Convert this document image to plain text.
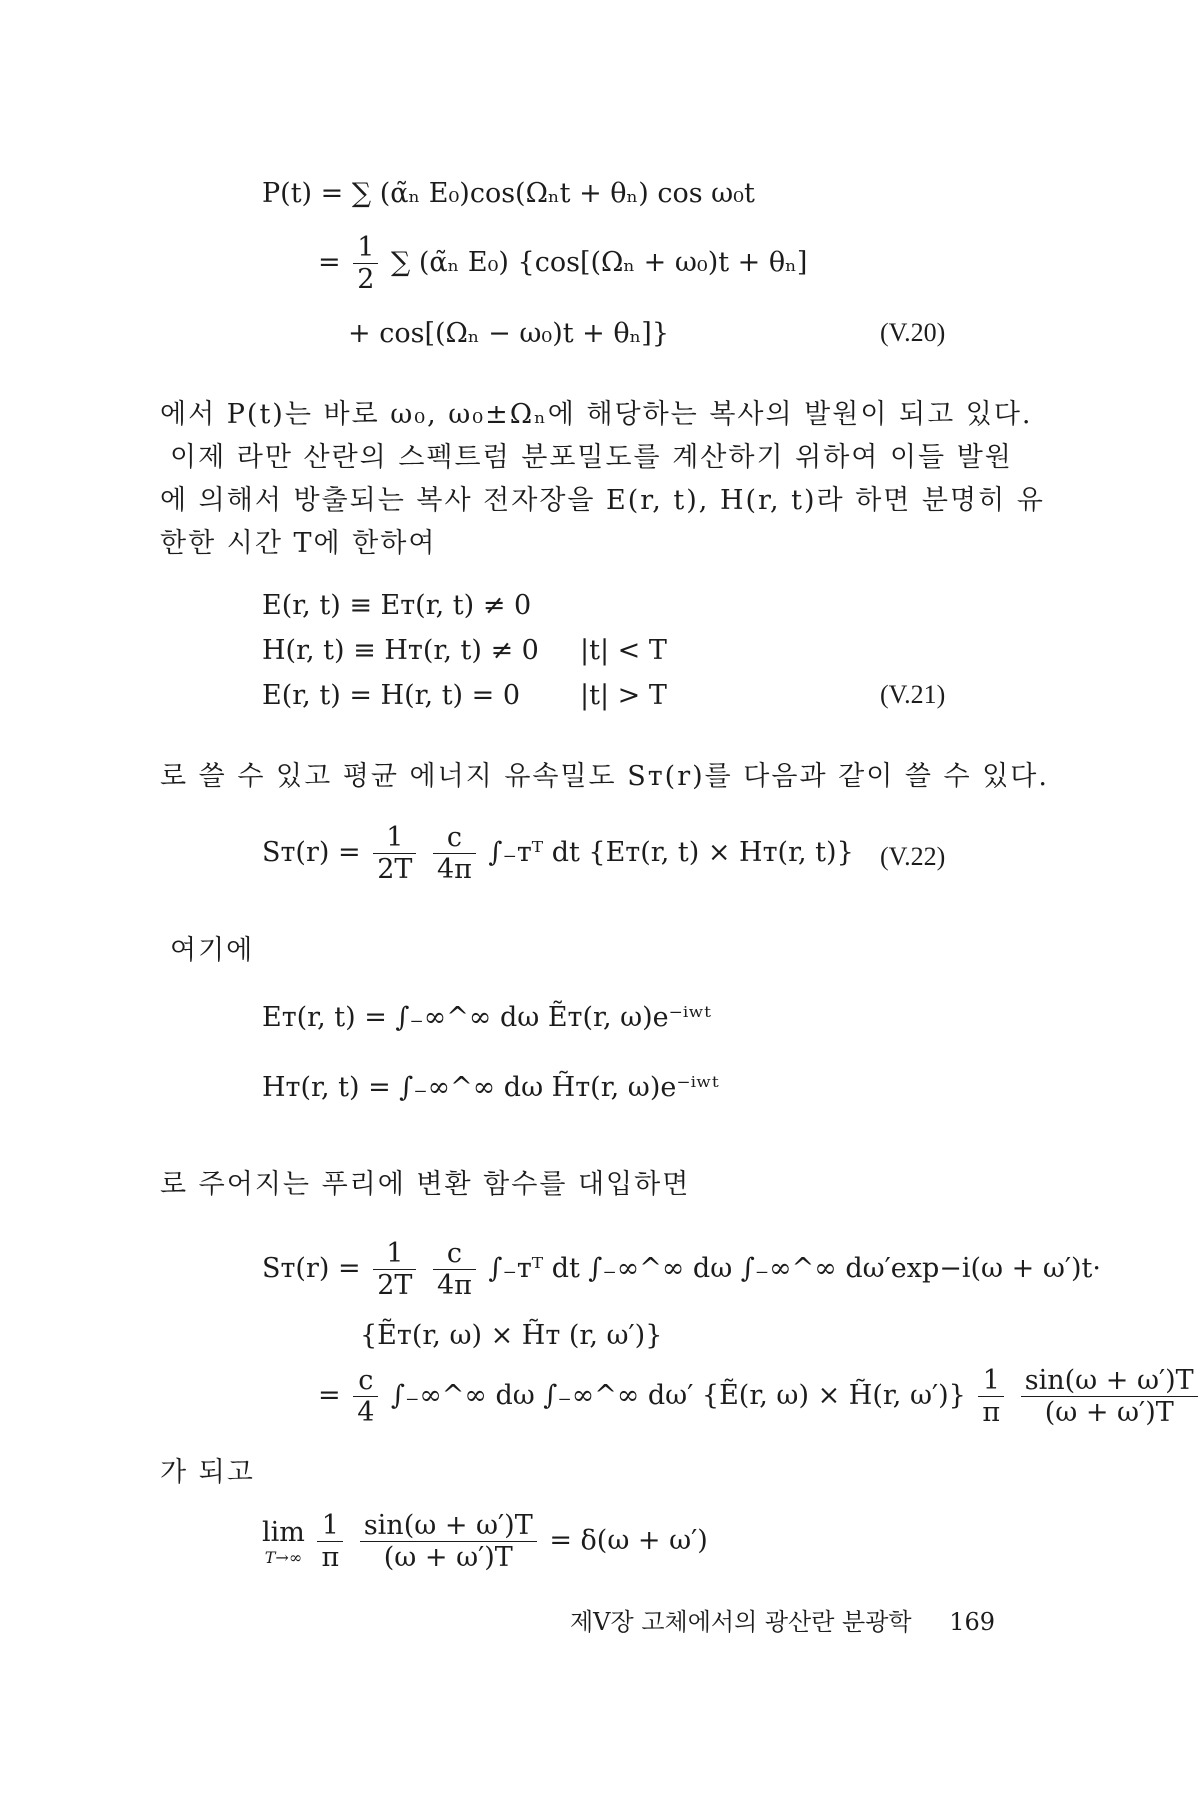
P(t) = ∑ (α̃ₙ E₀)cos(Ωₙt + θₙ) cos ω₀t
= $\frac{1}{2}$ ∑ (α̃ₙ E₀) {cos[(Ωₙ + ω₀)t + θₙ]
+ cos[(Ωₙ − ω₀)t + θₙ]}	(V.20)
에서 P(t)는 바로 ω₀, ω₀±Ωₙ에 해당하는 복사의 발원이 되고 있다.
이제 라만 산란의 스펙트럼 분포밀도를 계산하기 위하여 이들 발원
에 의해서 방출되는 복사 전자장을 E(r, t), H(r, t)라 하면 분명히 유
한한 시간 T에 한하여
E(r, t) ≡ Eᴛ(r, t) ≠ 0
H(r, t) ≡ Hᴛ(r, t) ≠ 0 |t| < T
E(r, t) = H(r, t) = 0 |t| > T	(V.21)
로 쓸 수 있고 평균 에너지 유속밀도 Sᴛ(r)를 다음과 같이 쓸 수 있다.
Sᴛ(r) = $\frac{1}{2T}$
$\frac{c}{4\pi}$ ∫₋ᴛᵀ dt {Eᴛ(r, t) × Hᴛ(r, t)} (V.22)
여기에
Eᴛ(r, t) = ∫₋∞^∞ dω Ẽᴛ(r, ω)e⁻ⁱʷᵗ
Hᴛ(r, t) = ∫₋∞^∞ dω H̃ᴛ(r, ω)e⁻ⁱʷᵗ
로 주어지는 푸리에 변환 함수를 대입하면
Sᴛ(r) = $\frac{1}{2T}$
$\frac{c}{4\pi}$ ∫₋ᴛᵀ dt ∫₋∞^∞ dω ∫₋∞^∞ dω′exp−i(ω + ω′)t·
{Ẽᴛ(r, ω) × H̃ᴛ (r, ω′)}
= $\frac{c}{4}$ ∫₋∞^∞ dω ∫₋∞^∞ dω′ {Ẽ(r, ω) × H̃(r, $\omega')\} \frac{1}{\pi}$
$\frac{\sin(\omega + \omega')T}{(\omega + \omega')T}$
가 되고
lim
T→∞
$\frac{1}{\pi}$
$\frac{\sin(\omega + \omega')T}{(\omega + \omega')T} = \delta(\omega + \omega')$
제Ⅴ장 고체에서의 광산란 분광학 169
